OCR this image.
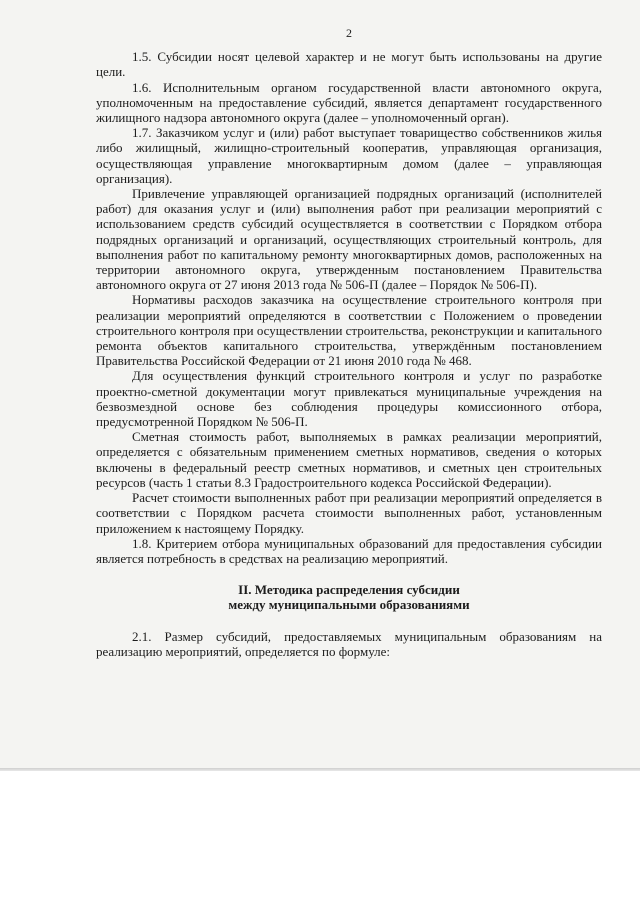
2

1.5. Субсидии носят целевой характер и не могут быть использованы на другие цели.

1.6. Исполнительным органом государственной власти автономного округа, уполномоченным на предоставление субсидий, является департамент государственного жилищного надзора автономного округа (далее – уполномоченный орган).

1.7. Заказчиком услуг и (или) работ выступает товарищество собственников жилья либо жилищный, жилищно-строительный кооператив, управляющая организация, осуществляющая управление многоквартирным домом (далее – управляющая организация).

Привлечение управляющей организацией подрядных организаций (исполнителей работ) для оказания услуг и (или) выполнения работ при реализации мероприятий с использованием средств субсидий осуществляется в соответствии с Порядком отбора подрядных организаций и организаций, осуществляющих строительный контроль, для выполнения работ по капитальному ремонту многоквартирных домов, расположенных на территории автономного округа, утвержденным постановлением Правительства автономного округа от 27 июня 2013 года № 506-П (далее – Порядок № 506-П).

Нормативы расходов заказчика на осуществление строительного контроля при реализации мероприятий определяются в соответствии с Положением о проведении строительного контроля при осуществлении строительства, реконструкции и капитального ремонта объектов капитального строительства, утверждённым постановлением Правительства Российской Федерации от 21 июня 2010 года № 468.

Для осуществления функций строительного контроля и услуг по разработке проектно-сметной документации могут привлекаться муниципальные учреждения на безвозмездной основе без соблюдения процедуры комиссионного отбора, предусмотренной Порядком № 506-П.

Сметная стоимость работ, выполняемых в рамках реализации мероприятий, определяется с обязательным применением сметных нормативов, сведения о которых включены в федеральный реестр сметных нормативов, и сметных цен строительных ресурсов (часть 1 статьи 8.3 Градостроительного кодекса Российской Федерации).

Расчет стоимости выполненных работ при реализации мероприятий определяется в соответствии с Порядком расчета стоимости выполненных работ, установленным приложением к настоящему Порядку.

1.8. Критерием отбора муниципальных образований для предоставления субсидии является потребность в средствах на реализацию мероприятий.

II. Методика распределения субсидии

между муниципальными образованиями

2.1. Размер субсидий, предоставляемых муниципальным образованиям на реализацию мероприятий, определяется по формуле:
